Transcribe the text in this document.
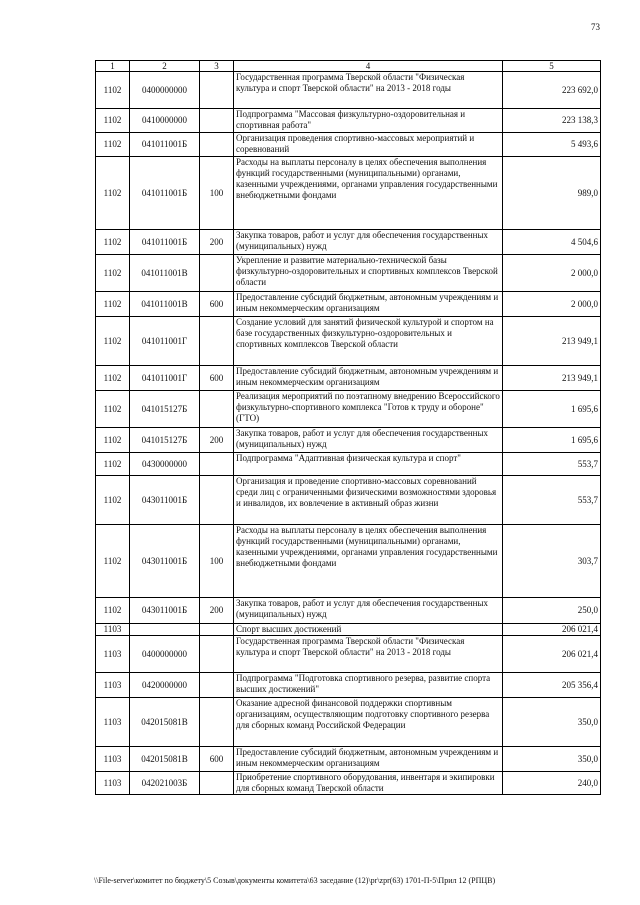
73
1	2	3	4	5
1102	0400000000		Государственная программа Тверской области "Физическая культура и спорт Тверской области" на 2013 - 2018 годы	223 692,0
1102	0410000000		Подпрограмма "Массовая физкультурно-оздоровительная и спортивная работа"	223 138,3
1102	041011001Б		Организация проведения спортивно-массовых мероприятий и соревнований	5 493,6
1102	041011001Б	100	Расходы на выплаты персоналу в целях обеспечения выполнения функций государственными (муниципальными) органами, казенными учреждениями, органами управления государственными внебюджетными фондами	989,0
1102	041011001Б	200	Закупка товаров, работ и услуг для обеспечения государственных (муниципальных) нужд	4 504,6
1102	041011001В		Укрепление и развитие материально-технической базы физкультурно-оздоровительных и спортивных комплексов Тверской области	2 000,0
1102	041011001В	600	Предоставление субсидий бюджетным, автономным учреждениям и иным некоммерческим организациям	2 000,0
1102	041011001Г		Создание условий для занятий физической культурой и спортом на базе государственных физкультурно-оздоровительных и спортивных комплексов Тверской области	213 949,1
1102	041011001Г	600	Предоставление субсидий бюджетным, автономным учреждениям и иным некоммерческим организациям	213 949,1
1102	041015127Б		Реализация мероприятий по поэтапному внедрению Всероссийского физкультурно-спортивного комплекса "Готов к труду и обороне"(ГТО)	1 695,6
1102	041015127Б	200	Закупка товаров, работ и услуг для обеспечения государственных (муниципальных) нужд	1 695,6
1102	0430000000		Подпрограмма "Адаптивная физическая культура и спорт"	553,7
1102	043011001Б		Организация и проведение спортивно-массовых соревнований среди лиц с ограниченными физическими возможностями здоровья и инвалидов, их вовлечение в активный образ жизни	553,7
1102	043011001Б	100	Расходы на выплаты персоналу в целях обеспечения выполнения функций государственными (муниципальными) органами, казенными учреждениями, органами управления государственными внебюджетными фондами	303,7
1102	043011001Б	200	Закупка товаров, работ и услуг для обеспечения государственных (муниципальных) нужд	250,0
1103			Спорт высших достижений	206 021,4
1103	0400000000		Государственная программа Тверской области "Физическая культура и спорт Тверской области" на 2013 - 2018 годы	206 021,4
1103	0420000000		Подпрограмма "Подготовка спортивного резерва, развитие спорта высших достижений"	205 356,4
1103	042015081В		Оказание адресной финансовой поддержки спортивным организациям, осуществляющим подготовку спортивного резерва для сборных команд Российской Федерации	350,0
1103	042015081В	600	Предоставление субсидий бюджетным, автономным учреждениям и иным некоммерческим организациям	350,0
1103	042021003Б		Приобретение спортивного оборудования, инвентаря и экипировки для сборных команд Тверской области	240,0
\\File-server\комитет по бюджету\5 Созыв\документы комитета\63 заседание (12)\pr\zpr(63) 1701-П-5\Прил 12 (РПЦВ)
